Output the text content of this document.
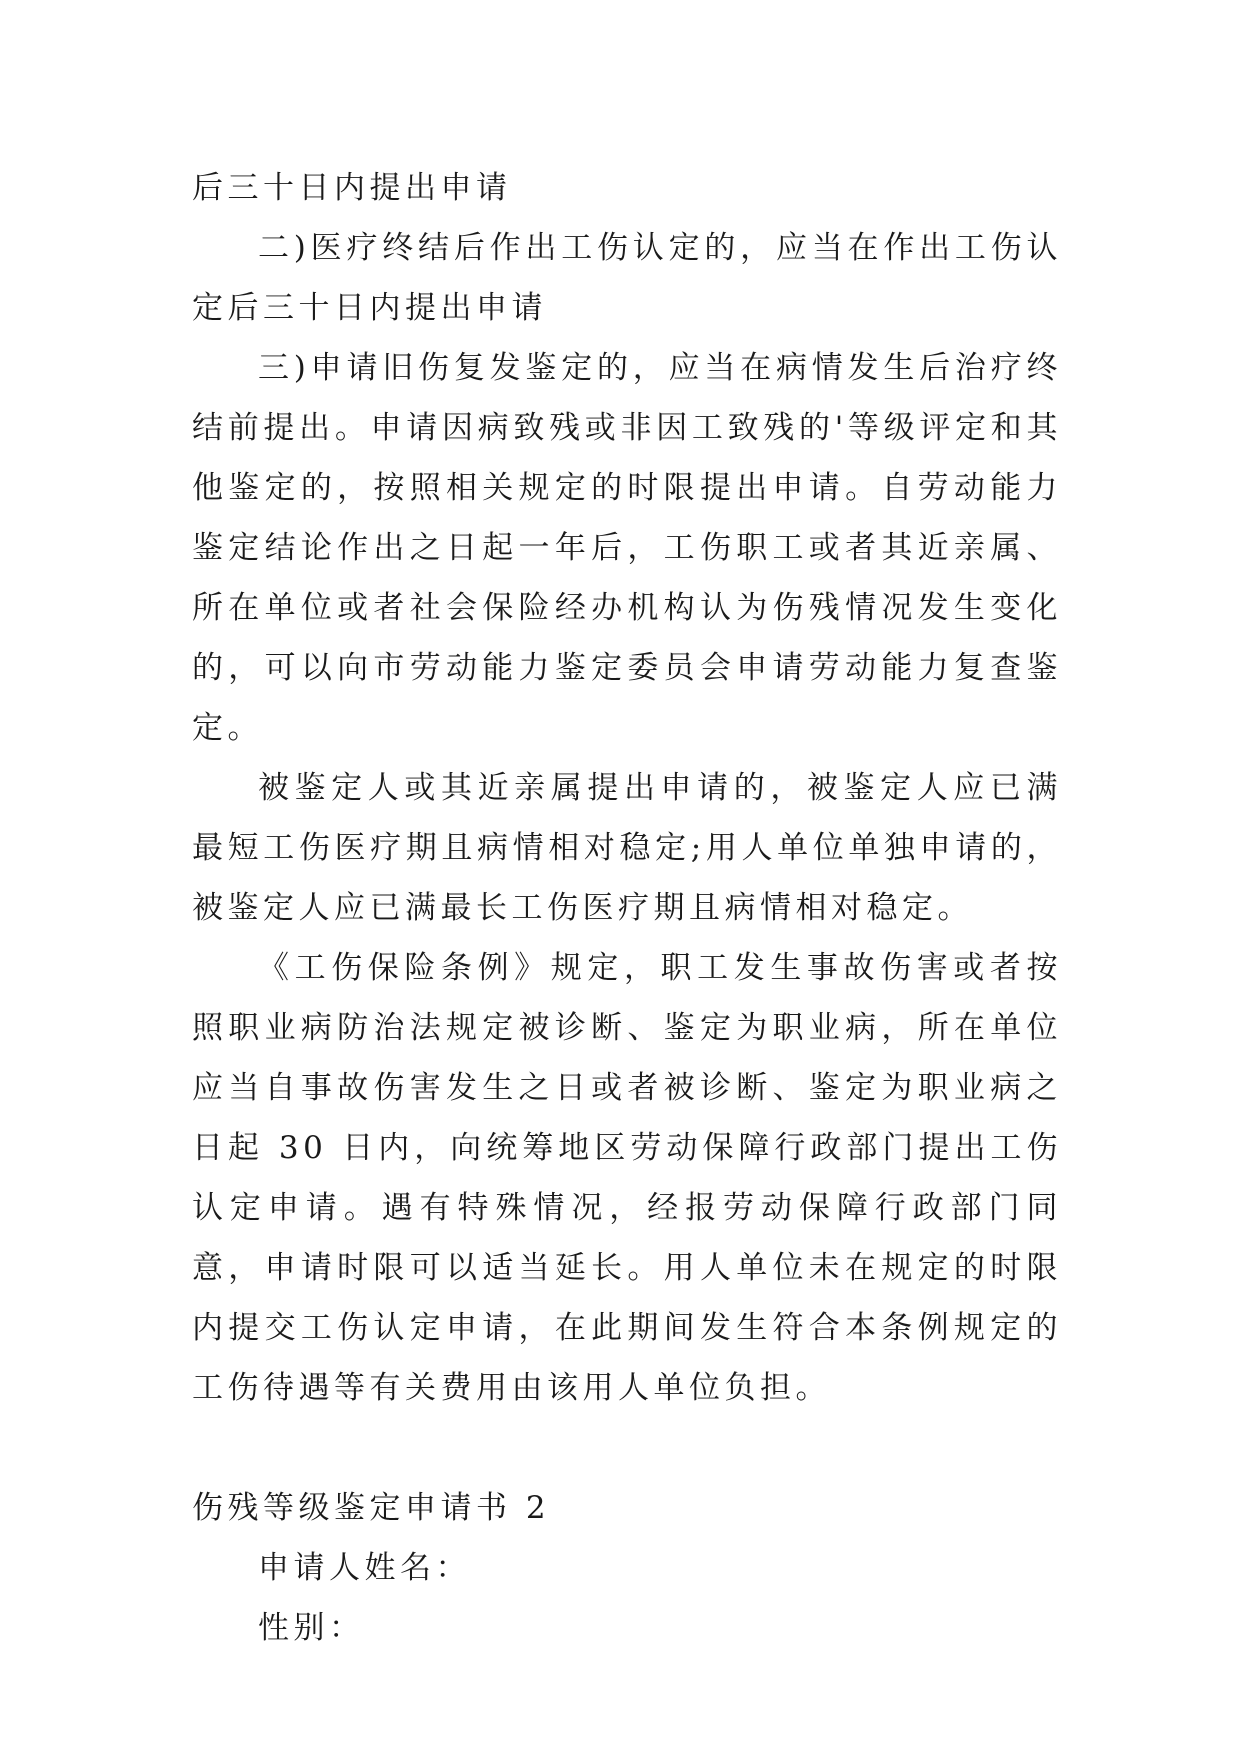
后三十日内提出申请

二)医疗终结后作出工伤认定的，应当在作出工伤认定后三十日内提出申请

三)申请旧伤复发鉴定的，应当在病情发生后治疗终结前提出。申请因病致残或非因工致残的'等级评定和其他鉴定的，按照相关规定的时限提出申请。自劳动能力鉴定结论作出之日起一年后，工伤职工或者其近亲属、所在单位或者社会保险经办机构认为伤残情况发生变化的，可以向市劳动能力鉴定委员会申请劳动能力复查鉴定。

被鉴定人或其近亲属提出申请的，被鉴定人应已满最短工伤医疗期且病情相对稳定;用人单位单独申请的，被鉴定人应已满最长工伤医疗期且病情相对稳定。

《工伤保险条例》规定，职工发生事故伤害或者按照职业病防治法规定被诊断、鉴定为职业病，所在单位应当自事故伤害发生之日或者被诊断、鉴定为职业病之日起 30 日内，向统筹地区劳动保障行政部门提出工伤认定申请。遇有特殊情况，经报劳动保障行政部门同意，申请时限可以适当延长。用人单位未在规定的时限内提交工伤认定申请，在此期间发生符合本条例规定的工伤待遇等有关费用由该用人单位负担。

伤残等级鉴定申请书 2

申请人姓名：

性别：
